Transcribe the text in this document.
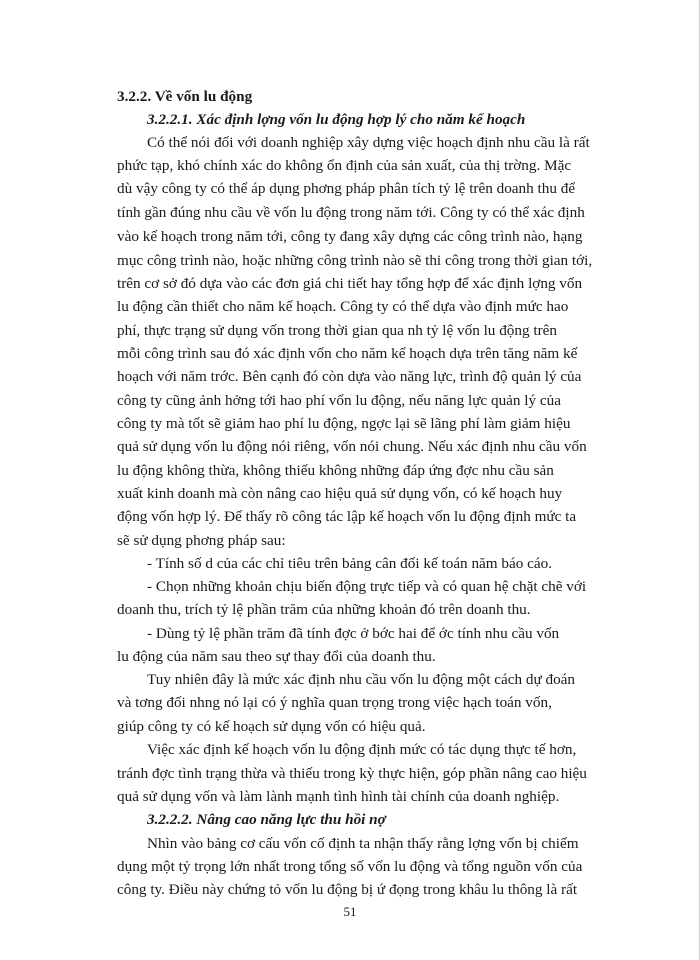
3.2.2. Về vốn lu động
3.2.2.1. Xác định lợng vốn lu động hợp lý cho năm kế hoạch
Có thể nói đối với doanh nghiệp xây dựng việc hoạch định nhu cầu là rất
phức tạp, khó chính xác do không ổn định của sản xuất, của thị trờng. Mặc
dù vậy công ty có thể áp dụng phơng pháp phân tích tỷ lệ trên doanh thu để
tính gần đúng nhu cầu về vốn lu động trong năm tới. Công ty có thể xác định
vào kế hoạch trong năm tới, công ty đang xây dựng các công trình nào, hạng
mục công trình nào, hoặc những công trình nào sẽ thi công trong thời gian tới,
trên cơ sở đó dựa vào các đơn giá chi tiết hay tổng hợp để xác định lợng vốn
lu động cần thiết cho năm kế hoạch. Công ty có thể dựa vào định mức hao
phí, thực trạng sử dụng vốn trong thời gian qua nh tỷ lệ vốn lu động trên
mỗi công trình sau đó xác định vốn cho năm kế hoạch dựa trên tăng năm kế
hoạch với năm trớc. Bên cạnh đó còn dựa vào năng lực, trình độ quản lý của
công ty cũng ảnh hởng tới hao phí vốn lu động, nếu năng lực quản lý của
công ty mà tốt sẽ giảm hao phí lu động, ngợc lại sẽ lãng phí làm giảm hiệu
quả sử dụng vốn lu động nói riêng, vốn nói chung. Nếu xác định nhu cầu vốn
lu động không thừa, không thiếu không những đáp ứng đợc nhu cầu sản
xuất kinh doanh mà còn nâng cao hiệu quả sử dụng vốn, có kế hoạch huy
động vốn hợp lý. Để thấy rõ công tác lập kế hoạch vốn lu động định mức ta
sẽ sử dụng phơng pháp sau:
- Tính số d của các chỉ tiêu trên bảng cân đối kế toán năm báo cáo.
- Chọn những khoản chịu biến động trực tiếp và có quan hệ chặt chẽ với
doanh thu, trích tỷ lệ phần trăm của những khoản đó trên doanh thu.
- Dùng tỷ lệ phần trăm đã tính đợc ở bớc hai để ớc tính nhu cầu vốn
lu động của năm sau theo sự thay đổi của doanh thu.
Tuy nhiên đây là mức xác định nhu cầu vốn lu động một cách dự đoán
và tơng đối nhng nó lại có ý nghĩa quan trọng trong việc hạch toán vốn,
giúp công ty có kế hoạch sử dụng vốn có hiệu quả.
Việc xác định kế hoạch vốn lu động định mức có tác dụng thực tế hơn,
tránh đợc tình trạng thừa và thiếu trong kỳ thực hiện, góp phần nâng cao hiệu
quả sử dụng vốn và làm lành mạnh tình hình tài chính của doanh nghiệp.
3.2.2.2. Nâng cao năng lực thu hồi nợ
Nhìn vào bảng cơ cấu vốn cố định ta nhận thấy rằng lợng vốn bị chiếm
dụng một tỷ trọng lớn nhất trong tổng số vốn lu động và tổng nguồn vốn của
công ty. Điều này chứng tỏ vốn lu động bị ứ đọng trong khâu lu thông là rất
51
